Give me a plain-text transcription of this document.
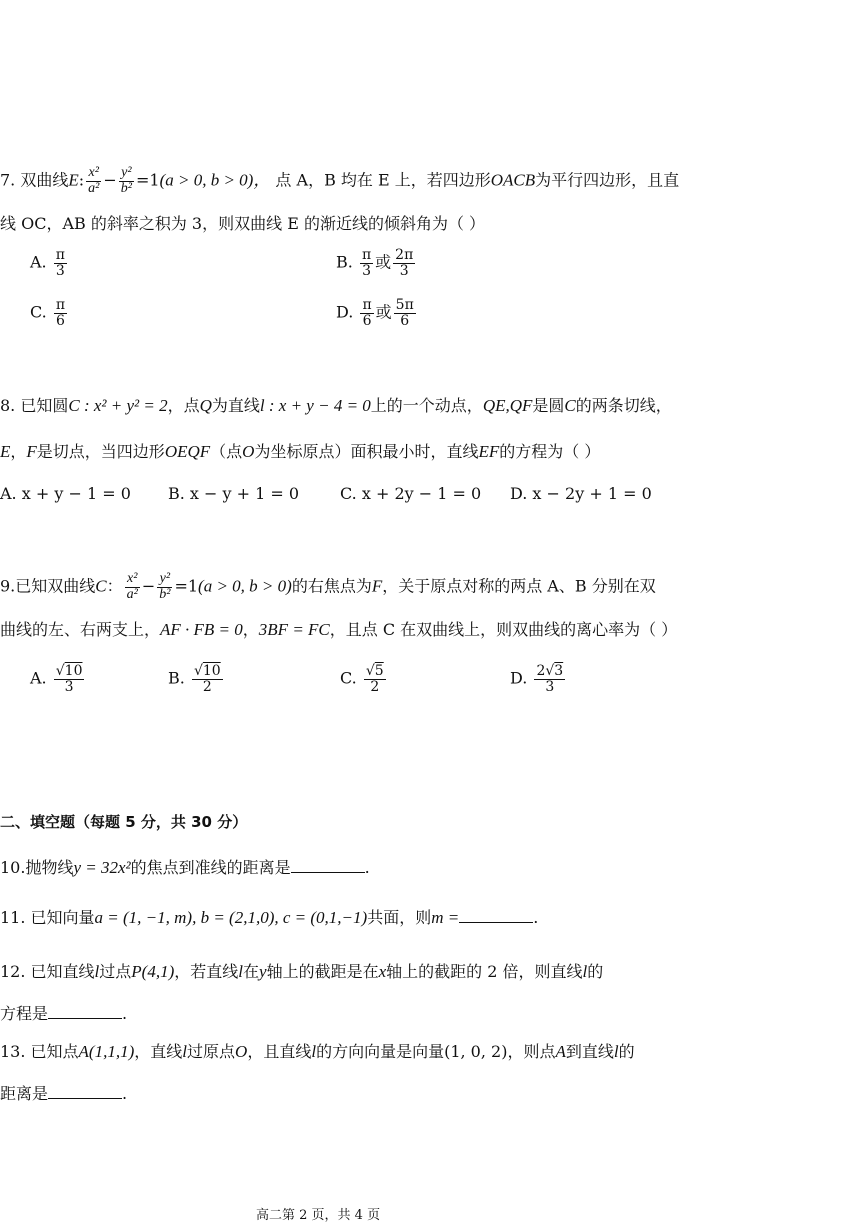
7. 双曲线E: $\frac{\text{x²}}{\text{a²}} - \frac{\text{y²}}{\text{b²}} =1(a > 0$, b > 0)， 点 A，B 均在 E 上，若四边形OACB为平行四边形，且直
线 OC，AB 的斜率之积为 3，则双曲线 E 的渐近线的倾斜角为（ ）
A. $\frac{\pi}{3}$	B. $\frac{\pi}{3}$ 或 $\frac{2\pi}{3}$
C. $\frac{\pi}{6}$	D. $\frac{\pi}{6}$ 或 $\frac{5\pi}{6}$
8. 已知圆C : x² + y² = 2，点Q为直线l : x + y − 4 = 0上的一个动点，QE,QF是圆C的两条切线，
E，F是切点，当四边形OEQF（点O为坐标原点）面积最小时，直线EF的方程为（ ）
A. x + y − 1 = 0 B. x − y + 1 = 0	C. x + 2y − 1 = 0 D. x − 2y + 1 = 0
9.已知双曲线C： $\frac{\text{x²}}{\text{a²}} - \frac{\text{y²}}{\text{b²}} =1(a > 0$, b > 0)的右焦点为F，关于原点对称的两点 A、B 分别在双
曲线的左、右两支上，AF · FB = 0，3BF = FC，且点 C 在双曲线上，则双曲线的离心率为（ ）
A. $\frac{√10}{3}$	B. $\frac{√10}{2}$	C. $\frac{√5}{2}$	D. $\frac{2√3}{3}$
二、填空题（每题 5 分，共 30 分）
10.抛物线y = 32x²的焦点到准线的距离是	.
11. 已知向量a = (1, −1, m), b = (2,1,0), c = (0,1,−1)共面，则m =	.
12. 已知直线l过点P(4,1)，若直线l在y轴上的截距是在x轴上的截距的 2 倍，则直线l的
方程是	.
13. 已知点A(1,1,1)，直线l过原点O，且直线l的方向向量是向量(1, 0, 2)，则点A到直线l的
距离是	.
高二第 2 页，共 4 页
